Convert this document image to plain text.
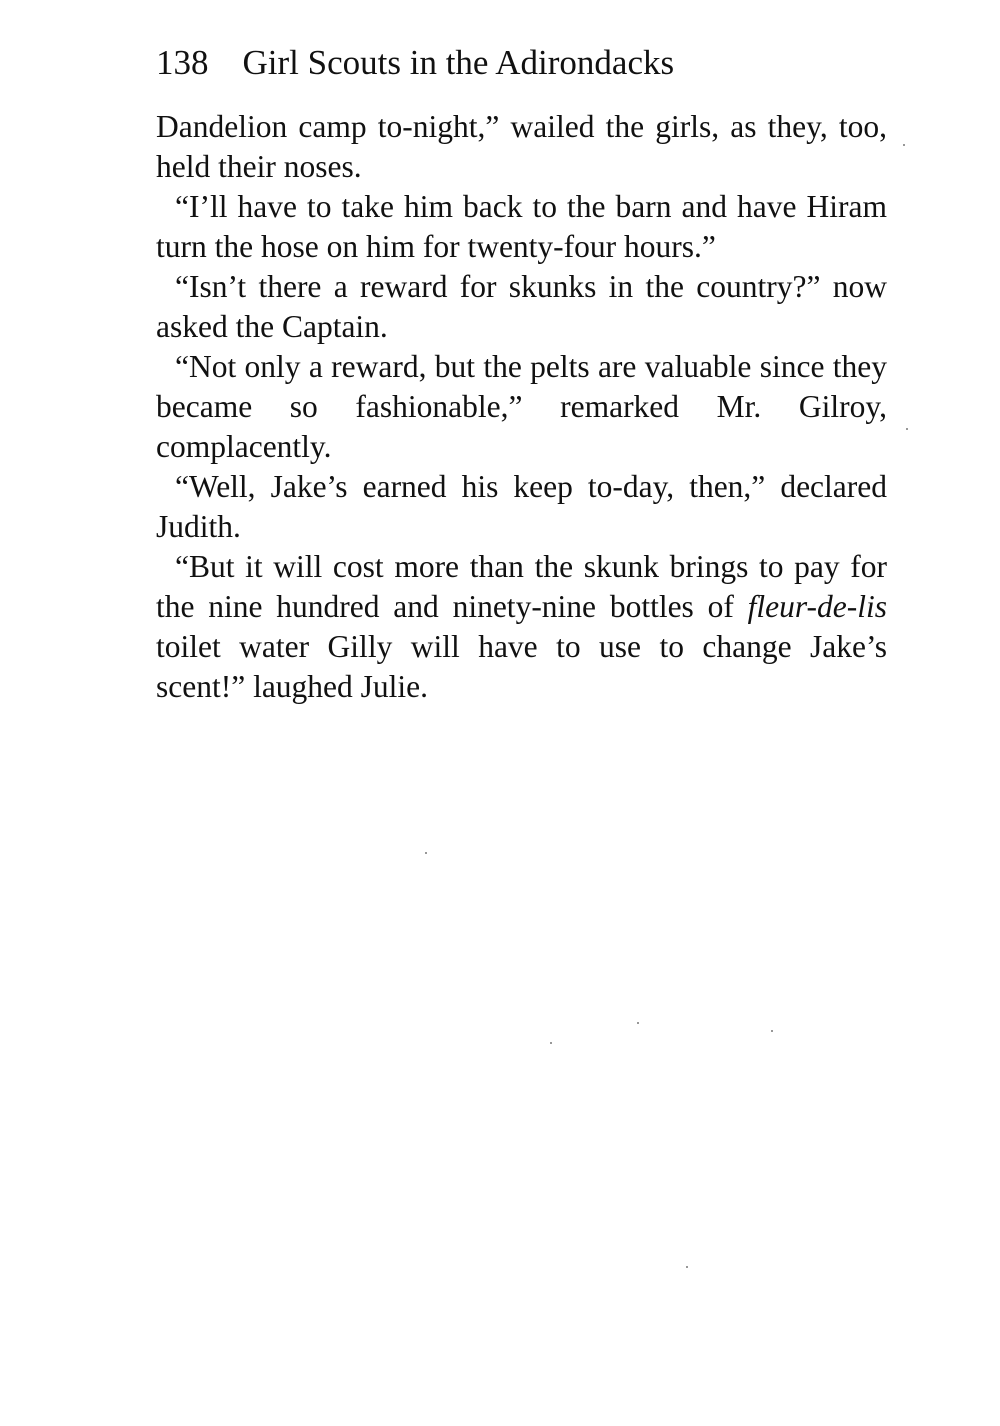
138 Girl Scouts in the Adirondacks

Dandelion camp to-night,” wailed the girls, as they, too, held their noses.

“I’ll have to take him back to the barn and have Hiram turn the hose on him for twenty-four hours.”

“Isn’t there a reward for skunks in the country?” now asked the Captain.

“Not only a reward, but the pelts are valuable since they became so fashionable,” remarked Mr. Gilroy, complacently.

“Well, Jake’s earned his keep to-day, then,” declared Judith.

“But it will cost more than the skunk brings to pay for the nine hundred and ninety-nine bottles of fleur-de-lis toilet water Gilly will have to use to change Jake’s scent!” laughed Julie.
